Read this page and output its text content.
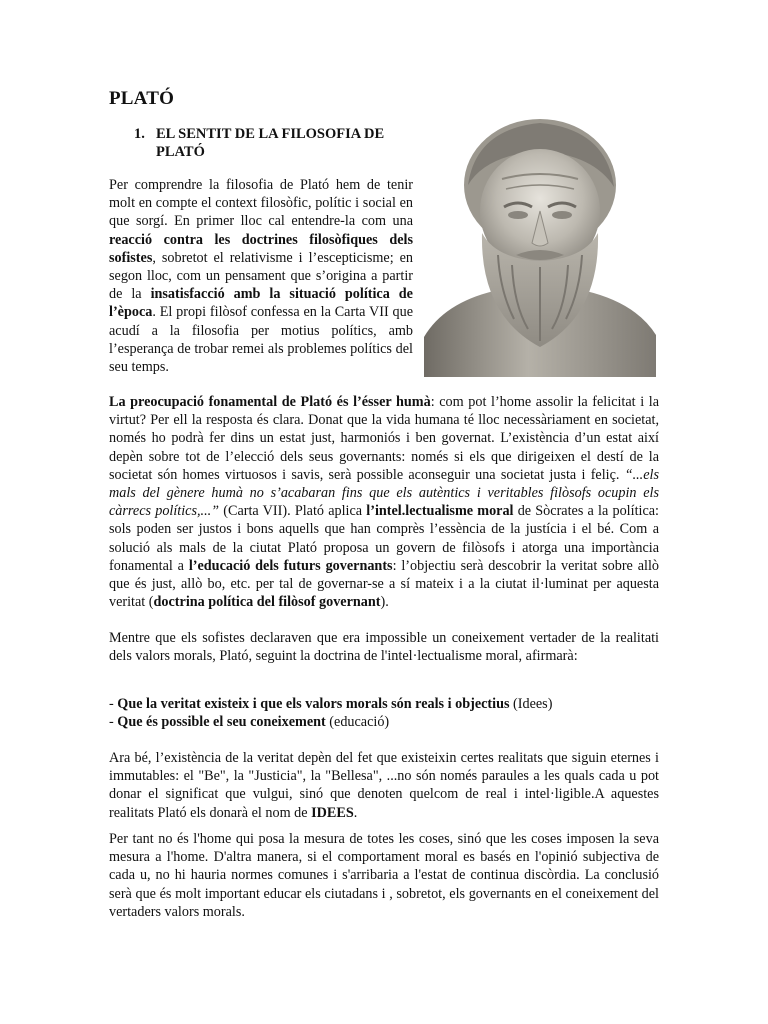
PLATÓ
1. EL SENTIT DE LA FILOSOFIA DE PLATÓ
Per comprendre la filosofia de Plató hem de tenir molt en compte el context filosòfic, polític i social en que sorgí. En primer lloc cal entendre-la com una reacció contra les doctrines filosòfiques dels sofistes, sobretot el relativisme i l’escepticisme; en segon lloc, com un pensament que s’origina a partir de la insatisfacció amb la situació política de l’època. El propi filòsof confessa en la Carta VII que acudí a la filosofia per motius polítics, amb l’esperança de trobar remei als problemes polítics del seu temps.
La preocupació fonamental de Plató és l’ésser humà: com pot l’home assolir la felicitat i la virtut? Per ell la resposta és clara. Donat que la vida humana té lloc necessàriament en societat, només ho podrà fer dins un estat just, harmoniós i ben governat. L’existència d’un estat així depèn sobre tot de l’elecció dels seus governants: només si els que dirigeixen el destí de la societat són homes virtuosos i savis, serà possible aconseguir una societat justa i feliç. “...els mals del gènere humà no s’acabaran fins que els autèntics i veritables filòsofs ocupin els càrrecs polítics,...” (Carta VII). Plató aplica l’intel.lectualisme moral de Sòcrates a la política: sols poden ser justos i bons aquells que han comprès l’essència de la justícia i el bé. Com a solució als mals de la ciutat Plató proposa un govern de filòsofs i atorga una importància fonamental a l’educació dels futurs governants: l’objectiu serà descobrir la veritat sobre allò que és just, allò bo, etc. per tal de governar-se a sí mateix i a la ciutat il·luminat per aquesta veritat (doctrina política del filòsof governant).
Mentre que els sofistes declaraven que era impossible un coneixement vertader de la realitati dels valors morals, Plató, seguint la doctrina de l'intel·lectualisme moral, afirmarà:
- Que la veritat existeix i que els valors morals són reals i objectius (Idees)
- Que és possible el seu coneixement (educació)
Ara bé, l’existència de la veritat depèn del fet que existeixin certes realitats que siguin eternes i immutables: el "Be", la "Justicia", la "Bellesa", ...no són només paraules a les quals cada u pot donar el significat que vulgui, sinó que denoten quelcom de real i intel·ligible.A aquestes realitats Plató els donarà el nom de IDEES.
Per tant no és l'home qui posa la mesura de totes les coses, sinó que les coses imposen la seva mesura a l'home. D'altra manera, si el comportament moral es basés en l'opinió subjectiva de cada u, no hi hauria normes comunes i s'arribaria a l'estat de continua discòrdia. La conclusió serà que és molt important educar els ciutadans i , sobretot, els governants en el coneixement del vertaders valors morals.
